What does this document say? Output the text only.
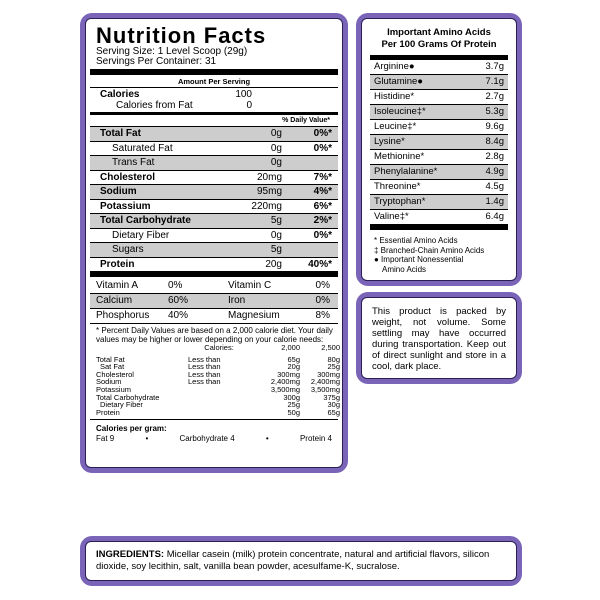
Nutrition Facts
Serving Size: 1 Level Scoop (29g)
Servings Per Container: 31
Amount Per Serving
Calories	100
Calories from Fat	0
% Daily Value*
Total Fat	0g	0%*
Saturated Fat	0g	0%*
Trans Fat	0g
Cholesterol	20mg	7%*
Sodium	95mg	4%*
Potassium	220mg	6%*
Total Carbohydrate	5g	2%*
Dietary Fiber	0g	0%*
Sugars	5g
Protein	20g	40%*
Vitamin A	0%	Vitamin C	0%
Calcium	60%	Iron	0%
Phosphorus	40%	Magnesium	8%
* Percent Daily Values are based on a 2,000 calorie diet. Your daily values may be higher or lower depending on your calorie needs:
	Calories:	2,000	2,500

Total Fat	Less than	65g	80g
Sat Fat	Less than	20g	25g
Cholesterol	Less than	300mg	300mg
Sodium	Less than	2,400mg	2,400mg
Potassium		3,500mg	3,500mg
Total Carbohydrate		300g	375g
Dietary Fiber		25g	30g
Protein		50g	65g
Calories per gram:
Fat 9	•	Carbohydrate 4	•	Protein 4
Important Amino Acids
Per 100 Grams Of Protein
Arginine●	3.7g
Glutamine●	7.1g
Histidine*	2.7g
Isoleucine‡*	5.3g
Leucine‡*	9.6g
Lysine*	8.4g
Methionine*	2.8g
Phenylalanine*	4.9g
Threonine*	4.5g
Tryptophan*	1.4g
Valine‡*	6.4g
* Essential Amino Acids
‡ Branched-Chain Amino Acids
● Important Nonessential
Amino Acids
This product is packed by weight, not volume. Some settling may have occurred during transportation. Keep out of direct sunlight and store in a cool, dark place.
INGREDIENTS: Micellar casein (milk) protein concentrate, natural and artificial flavors, silicon dioxide, soy lecithin, salt, vanilla bean powder, acesulfame-K, sucralose.
